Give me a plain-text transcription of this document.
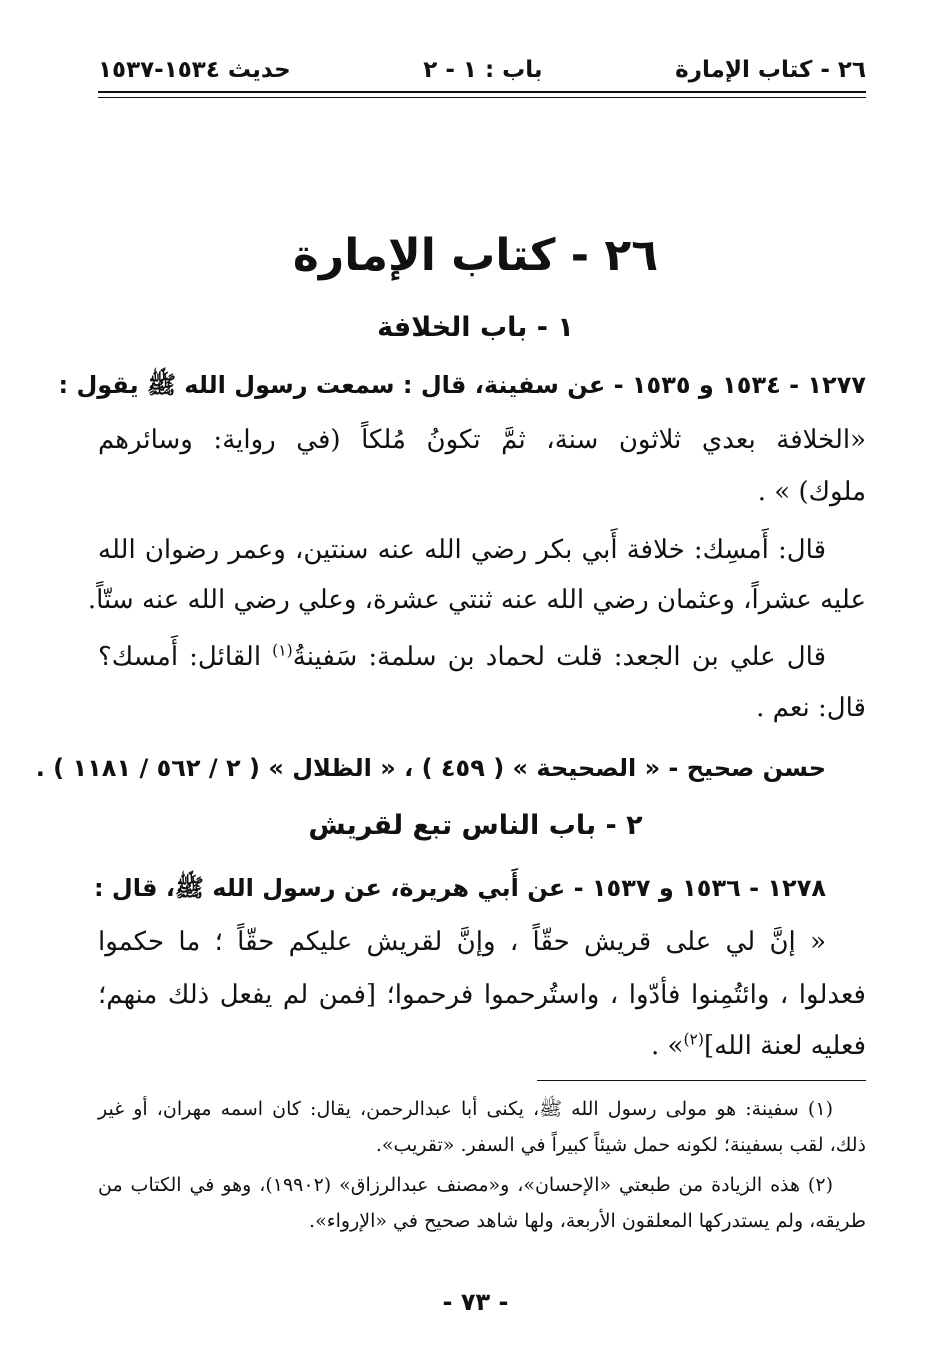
٢٦ - كتاب الإمارة
باب : ١ - ٢
حديث ١٥٣٤-١٥٣٧
٢٦ - كتاب الإمارة
١ - باب الخلافة
١٢٧٧ - ١٥٣٤ و ١٥٣٥ - عن سفينة، قال : سمعت رسول الله ﷺ يقول :
«الخلافة بعدي ثلاثون سنة، ثمَّ تكونُ مُلكاً (في رواية: وسائرهم
ملوك) » .
قال: أَمسِك: خلافة أَبي بكر رضي الله عنه سنتين، وعمر رضوان الله
عليه عشراً، وعثمان رضي الله عنه ثنتي عشرة، وعلي رضي الله عنه ستّاً.
قال علي بن الجعد: قلت لحماد بن سلمة: سَفينةُ$^{(١)}$ القائل: أَمسك؟
قال: نعم .
حسن صحيح - « الصحيحة » ( ٤٥٩ ) ، « الظلال » ( ٢ / ٥٦٢ / ١١٨١ ) .
٢ - باب الناس تبع لقريش
١٢٧٨ - ١٥٣٦ و ١٥٣٧ - عن أَبي هريرة، عن رسول الله ﷺ، قال :
« إنَّ لي على قريش حقّاً ، وإنَّ لقريش عليكم حقّاً ؛ ما حكموا
فعدلوا ، وائتُمِنوا فأدّوا ، واستُرحموا فرحموا؛ [فمن لم يفعل ذلك منهم؛
فعليه لعنة الله]$^{(٢)}$» .
(١) سفينة: هو مولى رسول الله ﷺ، يكنى أبا عبدالرحمن، يقال: كان اسمه مهران، أو غير
ذلك، لقب بسفينة؛ لكونه حمل شيئاً كبيراً في السفر. «تقريب».
(٢) هذه الزيادة من طبعتي «الإحسان»، و«مصنف عبدالرزاق» (١٩٩٠٢)، وهو في الكتاب من
طريقه، ولم يستدركها المعلقون الأربعة، ولها شاهد صحيح في «الإرواء».
- ٧٣ -
